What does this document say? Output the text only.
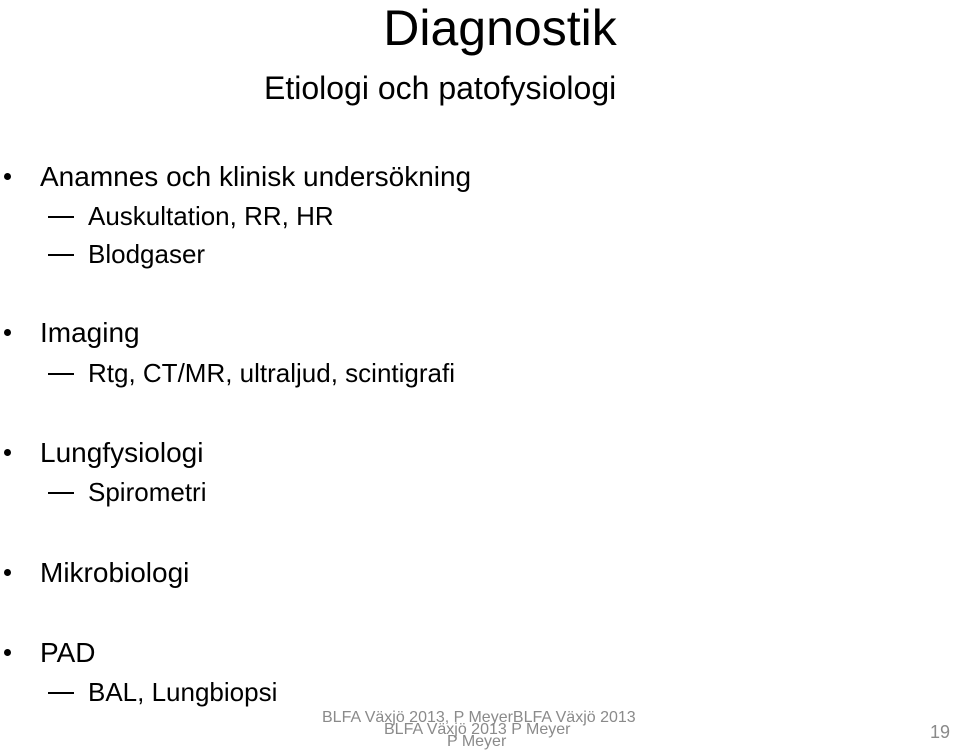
Diagnostik
Etiologi och patofysiologi
Anamnes och klinisk undersökning
Auskultation, RR, HR
Blodgaser
Imaging
Rtg, CT/MR, ultraljud, scintigrafi
Lungfysiologi
Spirometri
Mikrobiologi
PAD
BAL, Lungbiopsi
BLFA Växjö 2013, P MeyerBLFA Växjö 2013
BLFA Växjö 2013 P Meyer
P Meyer	19
